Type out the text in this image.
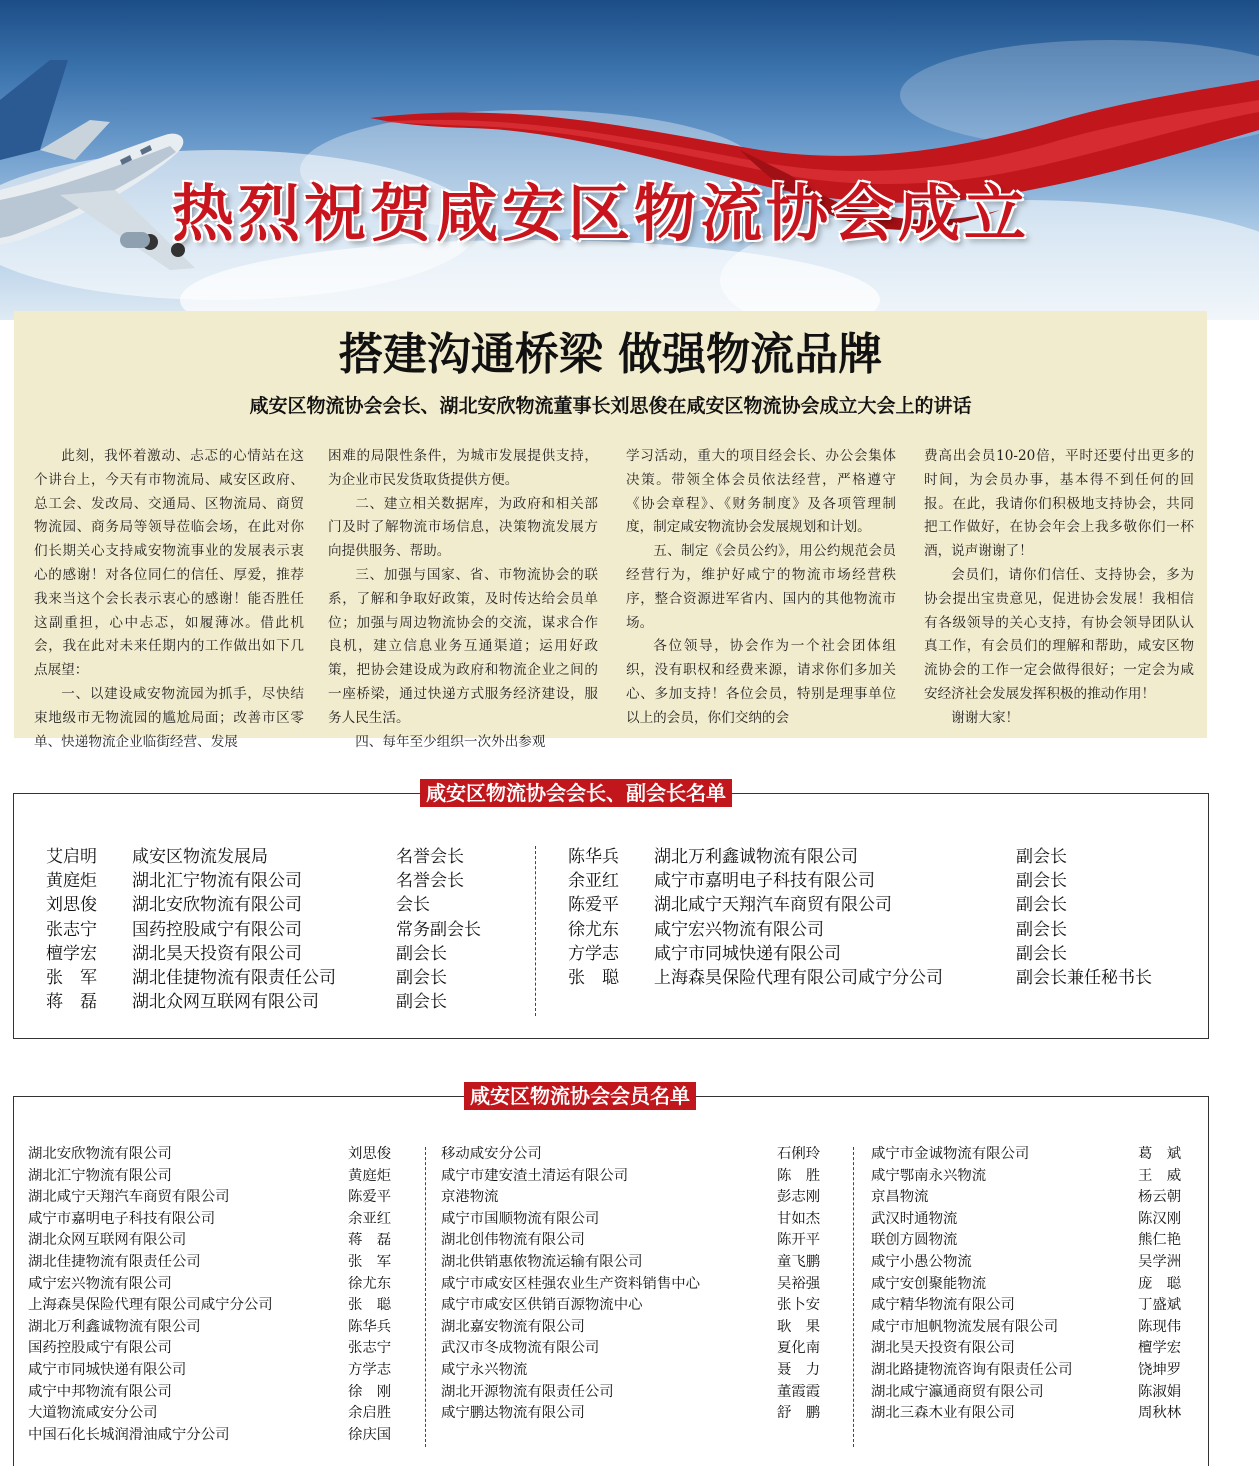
热烈祝贺咸安区物流协会成立
搭建沟通桥梁 做强物流品牌
咸安区物流协会会长、湖北安欣物流董事长刘思俊在咸安区物流协会成立大会上的讲话

此刻，我怀着激动、忐忑的心情站在这个讲台上，今天有市物流局、咸安区政府、总工会、发改局、交通局、区物流局、商贸物流园、商务局等领导莅临会场，在此对你们长期关心支持咸安物流事业的发展表示衷心的感谢！对各位同仁的信任、厚爱，推荐我来当这个会长表示衷心的感谢！能否胜任这副重担，心中忐忑，如履薄冰。借此机会，我在此对未来任期内的工作做出如下几点展望：

一、以建设咸安物流园为抓手，尽快结束地级市无物流园的尴尬局面；改善市区零单、快递物流企业临街经营、发展

困难的局限性条件，为城市发展提供支持，为企业市民发货取货提供方便。

二、建立相关数据库，为政府和相关部门及时了解物流市场信息，决策物流发展方向提供服务、帮助。

三、加强与国家、省、市物流协会的联系，了解和争取好政策，及时传达给会员单位；加强与周边物流协会的交流，谋求合作良机，建立信息业务互通渠道；运用好政策，把协会建设成为政府和物流企业之间的一座桥梁，通过快递方式服务经济建设，服务人民生活。

四、每年至少组织一次外出参观

学习活动，重大的项目经会长、办公会集体决策。带领全体会员依法经营，严格遵守《协会章程》、《财务制度》及各项管理制度，制定咸安物流协会发展规划和计划。

五、制定《会员公约》，用公约规范会员经营行为，维护好咸宁的物流市场经营秩序，整合资源进军省内、国内的其他物流市场。

各位领导，协会作为一个社会团体组织，没有职权和经费来源，请求你们多加关心、多加支持！各位会员，特别是理事单位以上的会员，你们交纳的会

费高出会员10-20倍，平时还要付出更多的时间，为会员办事，基本得不到任何的回报。在此，我请你们积极地支持协会，共同把工作做好，在协会年会上我多敬你们一杯酒，说声谢谢了！

会员们，请你们信任、支持协会，多为协会提出宝贵意见，促进协会发展！我相信有各级领导的关心支持，有协会领导团队认真工作，有会员们的理解和帮助，咸安区物流协会的工作一定会做得很好；一定会为咸安经济社会发展发挥积极的推动作用！

谢谢大家！

咸安区物流协会会长、副会长名单
艾启明 咸安区物流发展局	名誉会长
黄庭炬 湖北汇宁物流有限公司	名誉会长
刘思俊 湖北安欣物流有限公司	会长
张志宁 国药控股咸宁有限公司	常务副会长
檀学宏 湖北昊天投资有限公司	副会长
张　军 湖北佳捷物流有限责任公司	副会长
蒋　磊 湖北众网互联网有限公司	副会长
陈华兵 湖北万利鑫诚物流有限公司	副会长
余亚红 咸宁市嘉明电子科技有限公司	副会长
陈爱平 湖北咸宁天翔汽车商贸有限公司	副会长
徐尤东 咸宁宏兴物流有限公司	副会长
方学志 咸宁市同城快递有限公司	副会长
张　聪 上海森昊保险代理有限公司咸宁分公司	副会长兼任秘书长
咸安区物流协会会员名单
湖北安欣物流有限公司	刘思俊
湖北汇宁物流有限公司	黄庭炬
湖北咸宁天翔汽车商贸有限公司	陈爱平
咸宁市嘉明电子科技有限公司	余亚红
湖北众网互联网有限公司	蒋　磊
湖北佳捷物流有限责任公司	张　军
咸宁宏兴物流有限公司	徐尤东
上海森昊保险代理有限公司咸宁分公司	张　聪
湖北万利鑫诚物流有限公司	陈华兵
国药控股咸宁有限公司	张志宁
咸宁市同城快递有限公司	方学志
咸宁中邦物流有限公司	徐　刚
大道物流咸安分公司	余启胜
中国石化长城润滑油咸宁分公司	徐庆国
移动咸安分公司	石俐玲
咸宁市建安渣土清运有限公司	陈　胜
京港物流	彭志刚
咸宁市国顺物流有限公司	甘如杰
湖北创伟物流有限公司	陈开平
湖北供销惠侬物流运输有限公司	童飞鹏
咸宁市咸安区桂强农业生产资料销售中心	吴裕强
咸宁市咸安区供销百源物流中心	张卜安
湖北嘉安物流有限公司	耿　果
武汉市冬成物流有限公司	夏化南
咸宁永兴物流	聂　力
湖北开源物流有限责任公司	董霞霞
咸宁鹏达物流有限公司	舒　鹏
咸宁市金诚物流有限公司	葛　斌
咸宁鄂南永兴物流	王　威
京昌物流	杨云朝
武汉时通物流	陈汉刚
联创方圆物流	熊仁艳
咸宁小愚公物流	吴学洲
咸宁安创聚能物流	庞　聪
咸宁精华物流有限公司	丁盛斌
咸宁市旭帆物流发展有限公司	陈现伟
湖北昊天投资有限公司	檀学宏
湖北路捷物流咨询有限责任公司	饶坤罗
湖北咸宁瀛通商贸有限公司	陈淑娟
湖北三森木业有限公司	周秋林
